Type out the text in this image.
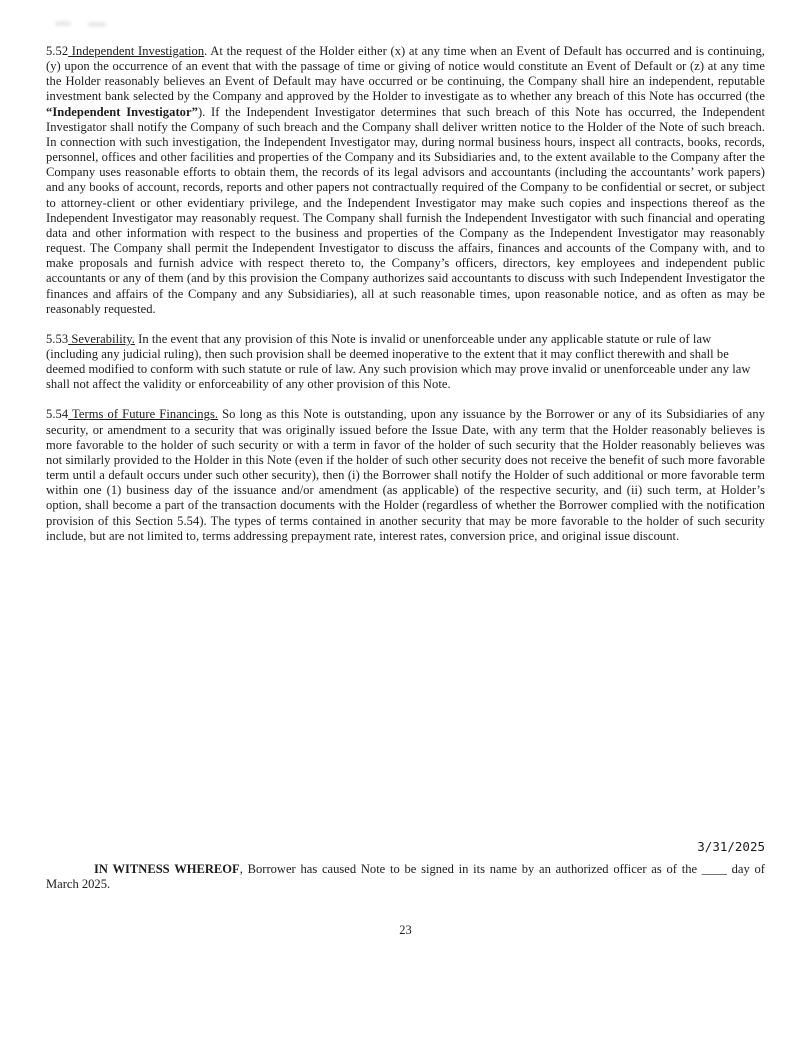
5.52 Independent Investigation. At the request of the Holder either (x) at any time when an Event of Default has occurred and is continuing, (y) upon the occurrence of an event that with the passage of time or giving of notice would constitute an Event of Default or (z) at any time the Holder reasonably believes an Event of Default may have occurred or be continuing, the Company shall hire an independent, reputable investment bank selected by the Company and approved by the Holder to investigate as to whether any breach of this Note has occurred (the “Independent Investigator”). If the Independent Investigator determines that such breach of this Note has occurred, the Independent Investigator shall notify the Company of such breach and the Company shall deliver written notice to the Holder of the Note of such breach. In connection with such investigation, the Independent Investigator may, during normal business hours, inspect all contracts, books, records, personnel, offices and other facilities and properties of the Company and its Subsidiaries and, to the extent available to the Company after the Company uses reasonable efforts to obtain them, the records of its legal advisors and accountants (including the accountants’ work papers) and any books of account, records, reports and other papers not contractually required of the Company to be confidential or secret, or subject to attorney-client or other evidentiary privilege, and the Independent Investigator may make such copies and inspections thereof as the Independent Investigator may reasonably request. The Company shall furnish the Independent Investigator with such financial and operating data and other information with respect to the business and properties of the Company as the Independent Investigator may reasonably request. The Company shall permit the Independent Investigator to discuss the affairs, finances and accounts of the Company with, and to make proposals and furnish advice with respect thereto to, the Company’s officers, directors, key employees and independent public accountants or any of them (and by this provision the Company authorizes said accountants to discuss with such Independent Investigator the finances and affairs of the Company and any Subsidiaries), all at such reasonable times, upon reasonable notice, and as often as may be reasonably requested.

5.53 Severability. In the event that any provision of this Note is invalid or unenforceable under any applicable statute or rule of law (including any judicial ruling), then such provision shall be deemed inoperative to the extent that it may conflict therewith and shall be deemed modified to conform with such statute or rule of law. Any such provision which may prove invalid or unenforceable under any law shall not affect the validity or enforceability of any other provision of this Note.

5.54 Terms of Future Financings. So long as this Note is outstanding, upon any issuance by the Borrower or any of its Subsidiaries of any security, or amendment to a security that was originally issued before the Issue Date, with any term that the Holder reasonably believes is more favorable to the holder of such security or with a term in favor of the holder of such security that the Holder reasonably believes was not similarly provided to the Holder in this Note (even if the holder of such other security does not receive the benefit of such more favorable term until a default occurs under such other security), then (i) the Borrower shall notify the Holder of such additional or more favorable term within one (1) business day of the issuance and/or amendment (as applicable) of the respective security, and (ii) such term, at Holder’s option, shall become a part of the transaction documents with the Holder (regardless of whether the Borrower complied with the notification provision of this Section 5.54). The types of terms contained in another security that may be more favorable to the holder of such security include, but are not limited to, terms addressing prepayment rate, interest rates, conversion price, and original issue discount.

3/31/2025

IN WITNESS WHEREOF, Borrower has caused Note to be signed in its name by an authorized officer as of the ____ day of March 2025.

23
